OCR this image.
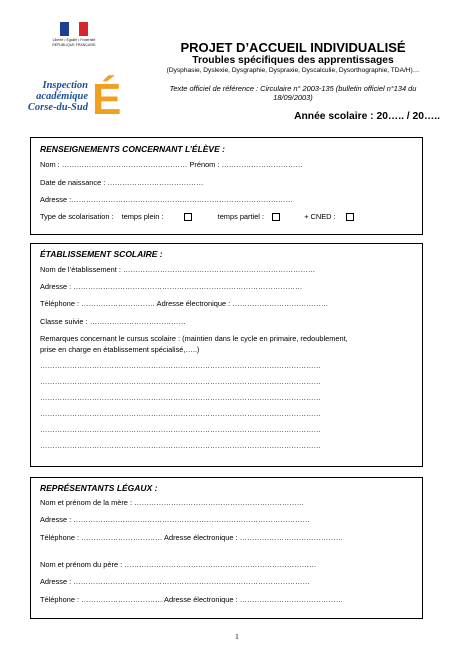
Liberté • Égalité • Fraternité RÉPUBLIQUE FRANÇAISE
Inspection académique
Corse-du-Sud É
PROJET D’ACCUEIL INDIVIDUALISÉ
Troubles spécifiques des apprentissages
(Dysphasie, Dyslexie, Dysgraphie, Dyspraxie, Dyscalculie, Dysorthographie, TDA/H)…
Texte officiel de référence : Circulaire n° 2003-135 (bulletin officiel n°134 du 18/09/2003)
Année scolaire : 20….. / 20…..
RENSEIGNEMENTS CONCERNANT L’ÉLÈVE :
Nom : …………………………………………… Prénom : ……………………………
Date de naissance : …………………………………
Adresse :………………………………………………………………………………
Type de scolarisation : temps plein :	temps partiel :	+ CNED :
ÉTABLISSEMENT SCOLAIRE :
Nom de l’établissement : ……………………………………………………………………
Adresse : …………………………………………………………………………………
Téléphone : ………………………… Adresse électronique : …………………………………
Classe suivie : …………………………………
Remarques concernant le cursus scolaire : (maintien dans le cycle en primaire, redoublement,
prise en charge en établissement spécialisé,…..)
……………………………………………………………………………………………………
……………………………………………………………………………………………………
……………………………………………………………………………………………………
……………………………………………………………………………………………………
……………………………………………………………………………………………………
……………………………………………………………………………………………………
REPRÉSENTANTS LÉGAUX :
Nom et prénom de la mère : ……………………………………………………………
Adresse : ……………………………………………………………………………………
Téléphone : …………………………… Adresse électronique : ……………………………………
Nom et prénom du père : ……………………………………………………………………
Adresse : ……………………………………………………………………………………
Téléphone : …………………………… Adresse électronique : ……………………………………
1
